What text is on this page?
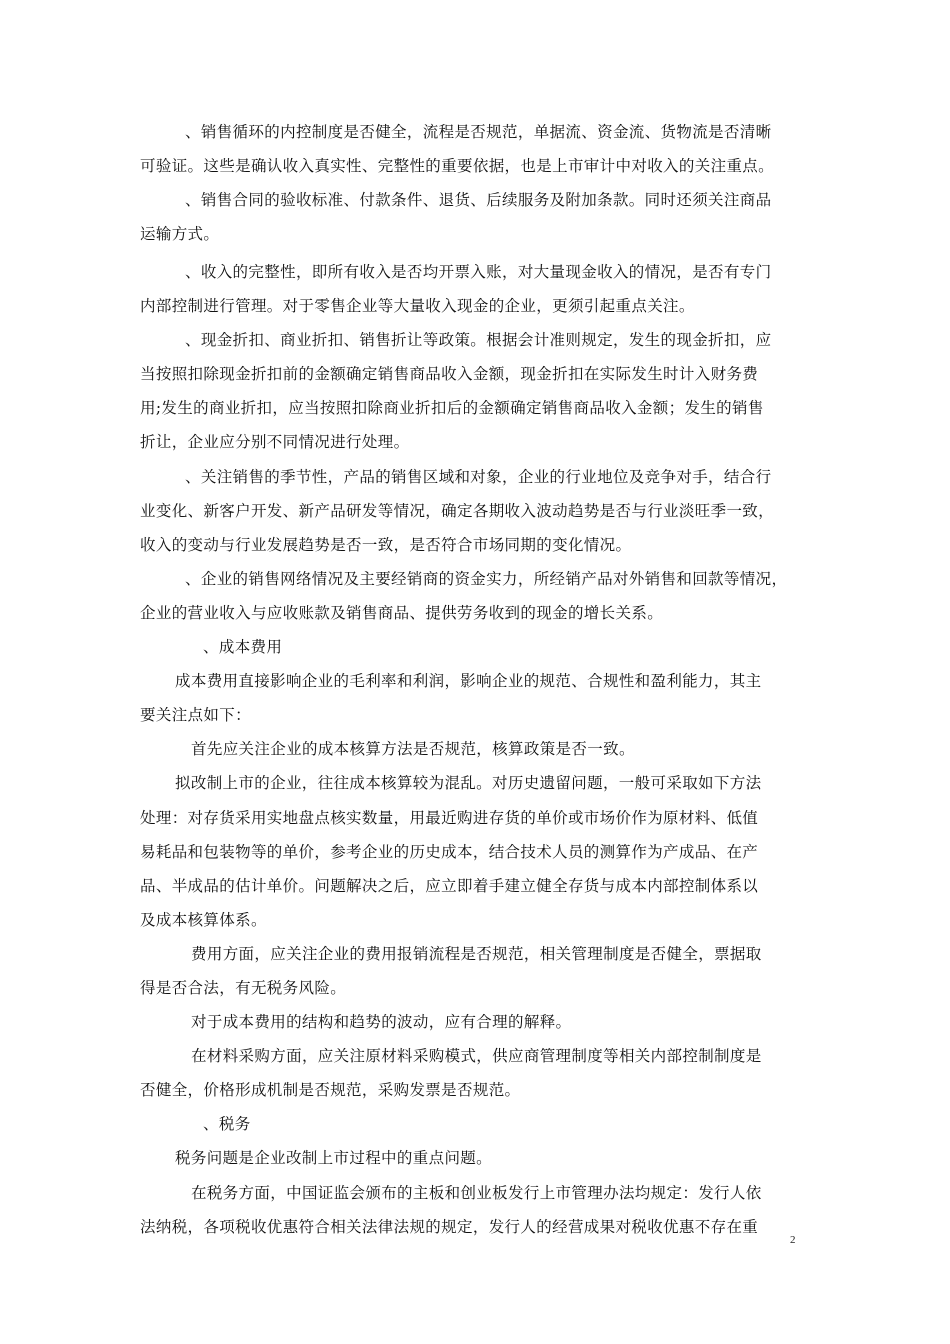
、销售循环的内控制度是否健全，流程是否规范，单据流、资金流、货物流是否清晰
可验证。这些是确认收入真实性、完整性的重要依据，也是上市审计中对收入的关注重点。
、销售合同的验收标准、付款条件、退货、后续服务及附加条款。同时还须关注商品
运输方式。
、收入的完整性，即所有收入是否均开票入账，对大量现金收入的情况，是否有专门
内部控制进行管理。对于零售企业等大量收入现金的企业，更须引起重点关注。
、现金折扣、商业折扣、销售折让等政策。根据会计准则规定，发生的现金折扣，应
当按照扣除现金折扣前的金额确定销售商品收入金额，现金折扣在实际发生时计入财务费
用;发生的商业折扣，应当按照扣除商业折扣后的金额确定销售商品收入金额；发生的销售
折让，企业应分别不同情况进行处理。
、关注销售的季节性，产品的销售区域和对象，企业的行业地位及竞争对手，结合行
业变化、新客户开发、新产品研发等情况，确定各期收入波动趋势是否与行业淡旺季一致，
收入的变动与行业发展趋势是否一致，是否符合市场同期的变化情况。
、企业的销售网络情况及主要经销商的资金实力，所经销产品对外销售和回款等情况，
企业的营业收入与应收账款及销售商品、提供劳务收到的现金的增长关系。
、成本费用
成本费用直接影响企业的毛利率和利润，影响企业的规范、合规性和盈利能力，其主
要关注点如下：
首先应关注企业的成本核算方法是否规范，核算政策是否一致。
拟改制上市的企业，往往成本核算较为混乱。对历史遗留问题，一般可采取如下方法
处理：对存货采用实地盘点核实数量，用最近购进存货的单价或市场价作为原材料、低值
易耗品和包装物等的单价，参考企业的历史成本，结合技术人员的测算作为产成品、在产
品、半成品的估计单价。问题解决之后，应立即着手建立健全存货与成本内部控制体系以
及成本核算体系。
费用方面，应关注企业的费用报销流程是否规范，相关管理制度是否健全，票据取
得是否合法，有无税务风险。
对于成本费用的结构和趋势的波动，应有合理的解释。
在材料采购方面，应关注原材料采购模式，供应商管理制度等相关内部控制制度是
否健全，价格形成机制是否规范，采购发票是否规范。
、税务
税务问题是企业改制上市过程中的重点问题。
在税务方面，中国证监会颁布的主板和创业板发行上市管理办法均规定：发行人依
法纳税，各项税收优惠符合相关法律法规的规定，发行人的经营成果对税收优惠不存在重
2
